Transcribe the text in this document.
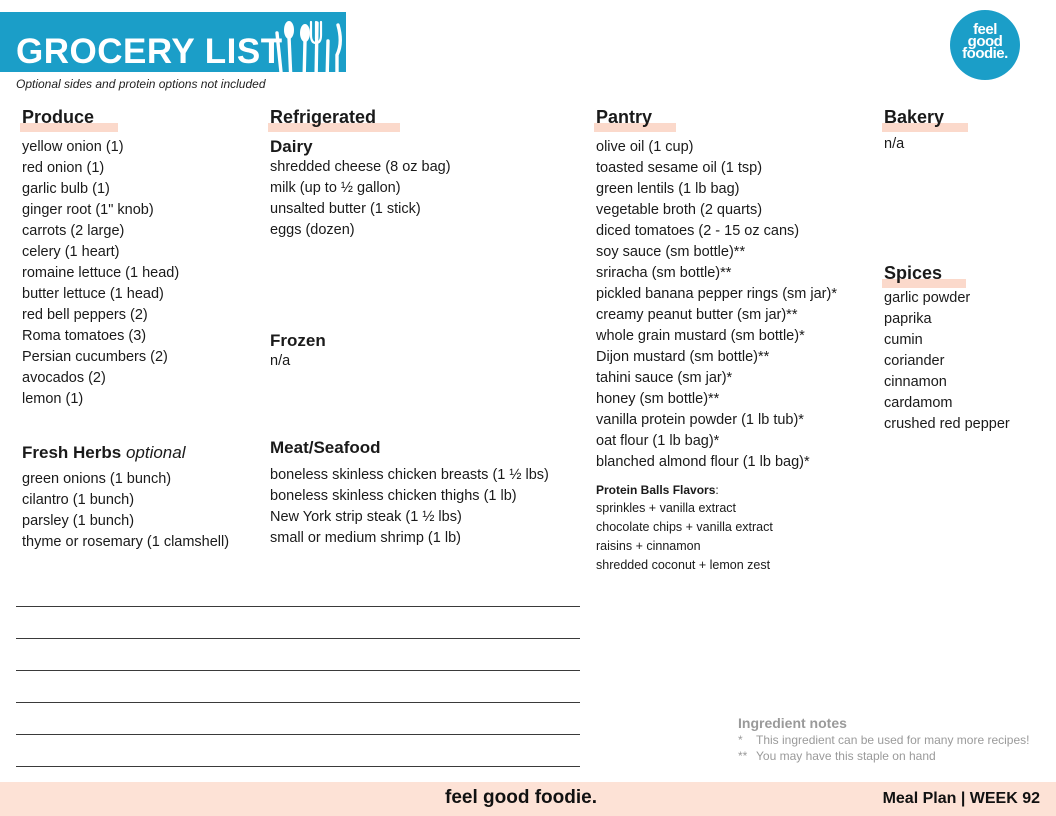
GROCERY LIST
Optional sides and protein options not included
feel
good
foodie.
Produce
yellow onion (1)
red onion (1)
garlic bulb (1)
ginger root (1" knob)
carrots (2 large)
celery (1 heart)
romaine lettuce (1 head)
butter lettuce (1 head)
red bell peppers (2)
Roma tomatoes (3)
Persian cucumbers (2)
avocados (2)
lemon (1)
Fresh Herbs optional
green onions (1 bunch)
cilantro (1 bunch)
parsley (1 bunch)
thyme or rosemary (1 clamshell)
Refrigerated
Dairy
shredded cheese (8 oz bag)
milk (up to ½ gallon)
unsalted butter (1 stick)
eggs (dozen)
Frozen
n/a
Meat/Seafood
boneless skinless chicken breasts (1 ½ lbs)
boneless skinless chicken thighs (1 lb)
New York strip steak (1 ½ lbs)
small or medium shrimp (1 lb)
Pantry
olive oil (1 cup)
toasted sesame oil (1 tsp)
green lentils (1 lb bag)
vegetable broth (2 quarts)
diced tomatoes (2 - 15 oz cans)
soy sauce (sm bottle)**
sriracha (sm bottle)**
pickled banana pepper rings (sm jar)*
creamy peanut butter (sm jar)**
whole grain mustard (sm bottle)*
Dijon mustard (sm bottle)**
tahini sauce (sm jar)*
honey (sm bottle)**
vanilla protein powder (1 lb tub)*
oat flour (1 lb bag)*
blanched almond flour (1 lb bag)*
Protein Balls Flavors:
sprinkles + vanilla extract
chocolate chips + vanilla extract
raisins + cinnamon
shredded coconut + lemon zest
Bakery
n/a
Spices
garlic powder
paprika
cumin
coriander
cinnamon
cardamom
crushed red pepper
Ingredient notes
* This ingredient can be used for many more recipes!
** You may have this staple on hand
feel good foodie.	Meal Plan | WEEK 92
